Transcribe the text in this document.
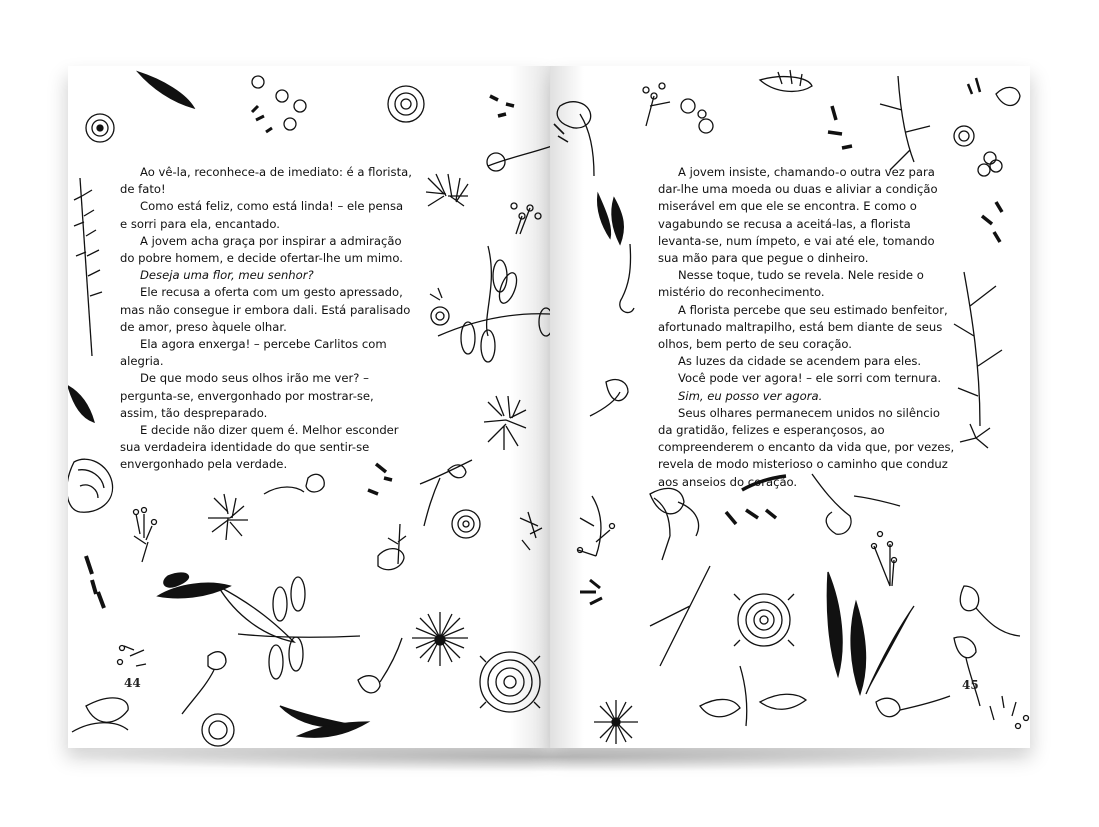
Ao vê-la, reconhece-a de imediato: é a florista, de fato!

Como está feliz, como está linda! – ele pensa e sorri para ela, encantado.

A jovem acha graça por inspirar a admiração do pobre homem, e decide ofertar-lhe um mimo.

Deseja uma flor, meu senhor?

Ele recusa a oferta com um gesto apressado, mas não consegue ir embora dali. Está paralisado de amor, preso àquele olhar.

Ela agora enxerga! – percebe Carlitos com alegria.

De que modo seus olhos irão me ver? – pergunta-se, envergonhado por mostrar-se, assim, tão despreparado.

E decide não dizer quem é. Melhor esconder sua verdadeira identidade do que sentir-se envergonhado pela verdade.

44

A jovem insiste, chamando-o outra vez para dar-lhe uma moeda ou duas e aliviar a condição miserável em que ele se encontra. E como o vagabundo se recusa a aceitá-las, a florista levanta-se, num ímpeto, e vai até ele, tomando sua mão para que pegue o dinheiro.

Nesse toque, tudo se revela. Nele reside o mistério do reconhecimento.

A florista percebe que seu estimado benfeitor, afortunado maltrapilho, está bem diante de seus olhos, bem perto de seu coração.

As luzes da cidade se acendem para eles.

Você pode ver agora! – ele sorri com ternura.

Sim, eu posso ver agora.

Seus olhares permanecem unidos no silêncio da gratidão, felizes e esperançosos, ao compreenderem o encanto da vida que, por vezes, revela de modo misterioso o caminho que conduz aos anseios do coração.

45
